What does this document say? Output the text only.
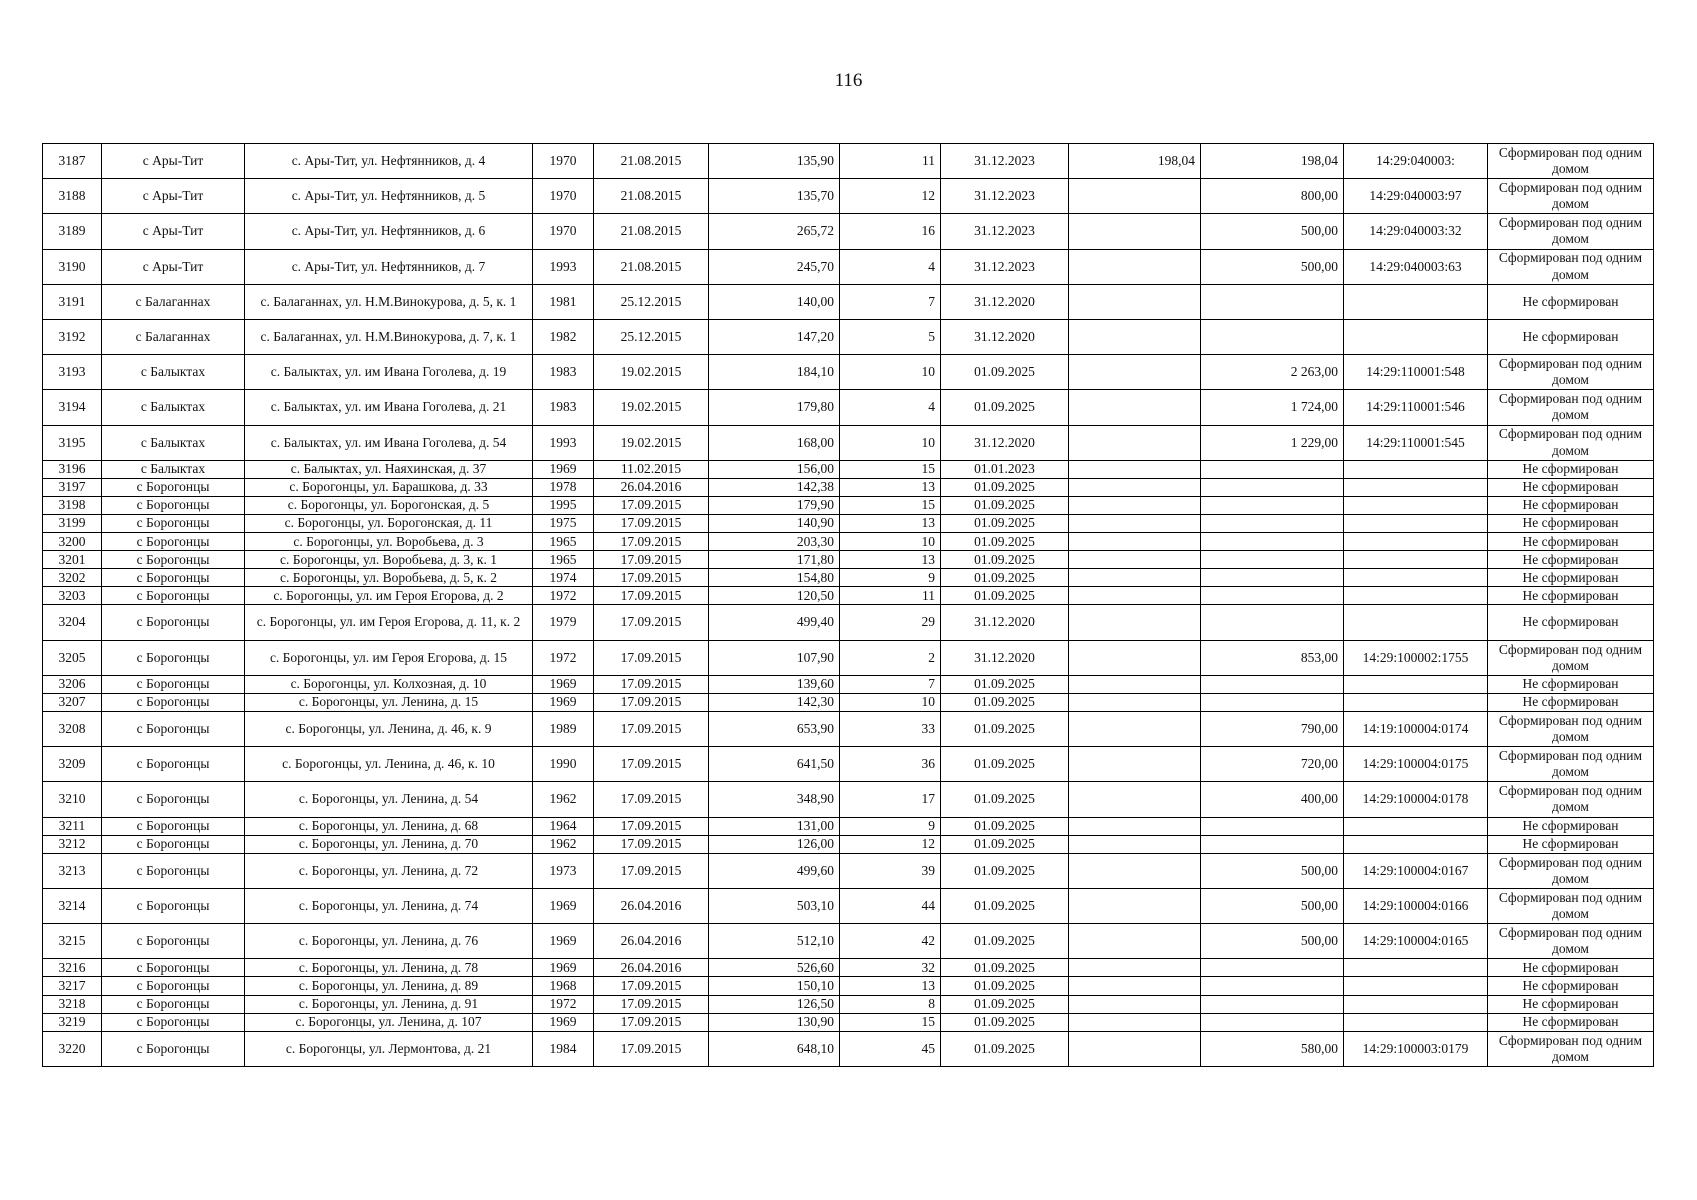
116
3187	с Ары-Тит	с. Ары-Тит, ул. Нефтянников, д. 4	1970	21.08.2015	135,90	11	31.12.2023	198,04	198,04	14:29:040003:	Сформирован под одним домом
3188	с Ары-Тит	с. Ары-Тит, ул. Нефтянников, д. 5	1970	21.08.2015	135,70	12	31.12.2023		800,00	14:29:040003:97	Сформирован под одним домом
3189	с Ары-Тит	с. Ары-Тит, ул. Нефтянников, д. 6	1970	21.08.2015	265,72	16	31.12.2023		500,00	14:29:040003:32	Сформирован под одним домом
3190	с Ары-Тит	с. Ары-Тит, ул. Нефтянников, д. 7	1993	21.08.2015	245,70	4	31.12.2023		500,00	14:29:040003:63	Сформирован под одним домом
3191	с Балаганнах	с. Балаганнах, ул. Н.М.Винокурова, д. 5, к. 1	1981	25.12.2015	140,00	7	31.12.2020				Не сформирован
3192	с Балаганнах	с. Балаганнах, ул. Н.М.Винокурова, д. 7, к. 1	1982	25.12.2015	147,20	5	31.12.2020				Не сформирован
3193	с Балыктах	с. Балыктах, ул. им Ивана Гоголева, д. 19	1983	19.02.2015	184,10	10	01.09.2025		2 263,00	14:29:110001:548	Сформирован под одним домом
3194	с Балыктах	с. Балыктах, ул. им Ивана Гоголева, д. 21	1983	19.02.2015	179,80	4	01.09.2025		1 724,00	14:29:110001:546	Сформирован под одним домом
3195	с Балыктах	с. Балыктах, ул. им Ивана Гоголева, д. 54	1993	19.02.2015	168,00	10	31.12.2020		1 229,00	14:29:110001:545	Сформирован под одним домом
3196	с Балыктах	с. Балыктах, ул. Наяхинская, д. 37	1969	11.02.2015	156,00	15	01.01.2023				Не сформирован
3197	с Борогонцы	с. Борогонцы, ул. Барашкова, д. 33	1978	26.04.2016	142,38	13	01.09.2025				Не сформирован
3198	с Борогонцы	с. Борогонцы, ул. Борогонская, д. 5	1995	17.09.2015	179,90	15	01.09.2025				Не сформирован
3199	с Борогонцы	с. Борогонцы, ул. Борогонская, д. 11	1975	17.09.2015	140,90	13	01.09.2025				Не сформирован
3200	с Борогонцы	с. Борогонцы, ул. Воробьева, д. 3	1965	17.09.2015	203,30	10	01.09.2025				Не сформирован
3201	с Борогонцы	с. Борогонцы, ул. Воробьева, д. 3, к. 1	1965	17.09.2015	171,80	13	01.09.2025				Не сформирован
3202	с Борогонцы	с. Борогонцы, ул. Воробьева, д. 5, к. 2	1974	17.09.2015	154,80	9	01.09.2025				Не сформирован
3203	с Борогонцы	с. Борогонцы, ул. им Героя Егорова, д. 2	1972	17.09.2015	120,50	11	01.09.2025				Не сформирован
3204	с Борогонцы	с. Борогонцы, ул. им Героя Егорова, д. 11, к. 2	1979	17.09.2015	499,40	29	31.12.2020				Не сформирован
3205	с Борогонцы	с. Борогонцы, ул. им Героя Егорова, д. 15	1972	17.09.2015	107,90	2	31.12.2020		853,00	14:29:100002:1755	Сформирован под одним домом
3206	с Борогонцы	с. Борогонцы, ул. Колхозная, д. 10	1969	17.09.2015	139,60	7	01.09.2025				Не сформирован
3207	с Борогонцы	с. Борогонцы, ул. Ленина, д. 15	1969	17.09.2015	142,30	10	01.09.2025				Не сформирован
3208	с Борогонцы	с. Борогонцы, ул. Ленина, д. 46, к. 9	1989	17.09.2015	653,90	33	01.09.2025		790,00	14:19:100004:0174	Сформирован под одним домом
3209	с Борогонцы	с. Борогонцы, ул. Ленина, д. 46, к. 10	1990	17.09.2015	641,50	36	01.09.2025		720,00	14:29:100004:0175	Сформирован под одним домом
3210	с Борогонцы	с. Борогонцы, ул. Ленина, д. 54	1962	17.09.2015	348,90	17	01.09.2025		400,00	14:29:100004:0178	Сформирован под одним домом
3211	с Борогонцы	с. Борогонцы, ул. Ленина, д. 68	1964	17.09.2015	131,00	9	01.09.2025				Не сформирован
3212	с Борогонцы	с. Борогонцы, ул. Ленина, д. 70	1962	17.09.2015	126,00	12	01.09.2025				Не сформирован
3213	с Борогонцы	с. Борогонцы, ул. Ленина, д. 72	1973	17.09.2015	499,60	39	01.09.2025		500,00	14:29:100004:0167	Сформирован под одним домом
3214	с Борогонцы	с. Борогонцы, ул. Ленина, д. 74	1969	26.04.2016	503,10	44	01.09.2025		500,00	14:29:100004:0166	Сформирован под одним домом
3215	с Борогонцы	с. Борогонцы, ул. Ленина, д. 76	1969	26.04.2016	512,10	42	01.09.2025		500,00	14:29:100004:0165	Сформирован под одним домом
3216	с Борогонцы	с. Борогонцы, ул. Ленина, д. 78	1969	26.04.2016	526,60	32	01.09.2025				Не сформирован
3217	с Борогонцы	с. Борогонцы, ул. Ленина, д. 89	1968	17.09.2015	150,10	13	01.09.2025				Не сформирован
3218	с Борогонцы	с. Борогонцы, ул. Ленина, д. 91	1972	17.09.2015	126,50	8	01.09.2025				Не сформирован
3219	с Борогонцы	с. Борогонцы, ул. Ленина, д. 107	1969	17.09.2015	130,90	15	01.09.2025				Не сформирован
3220	с Борогонцы	с. Борогонцы, ул. Лермонтова, д. 21	1984	17.09.2015	648,10	45	01.09.2025		580,00	14:29:100003:0179	Сформирован под одним домом
